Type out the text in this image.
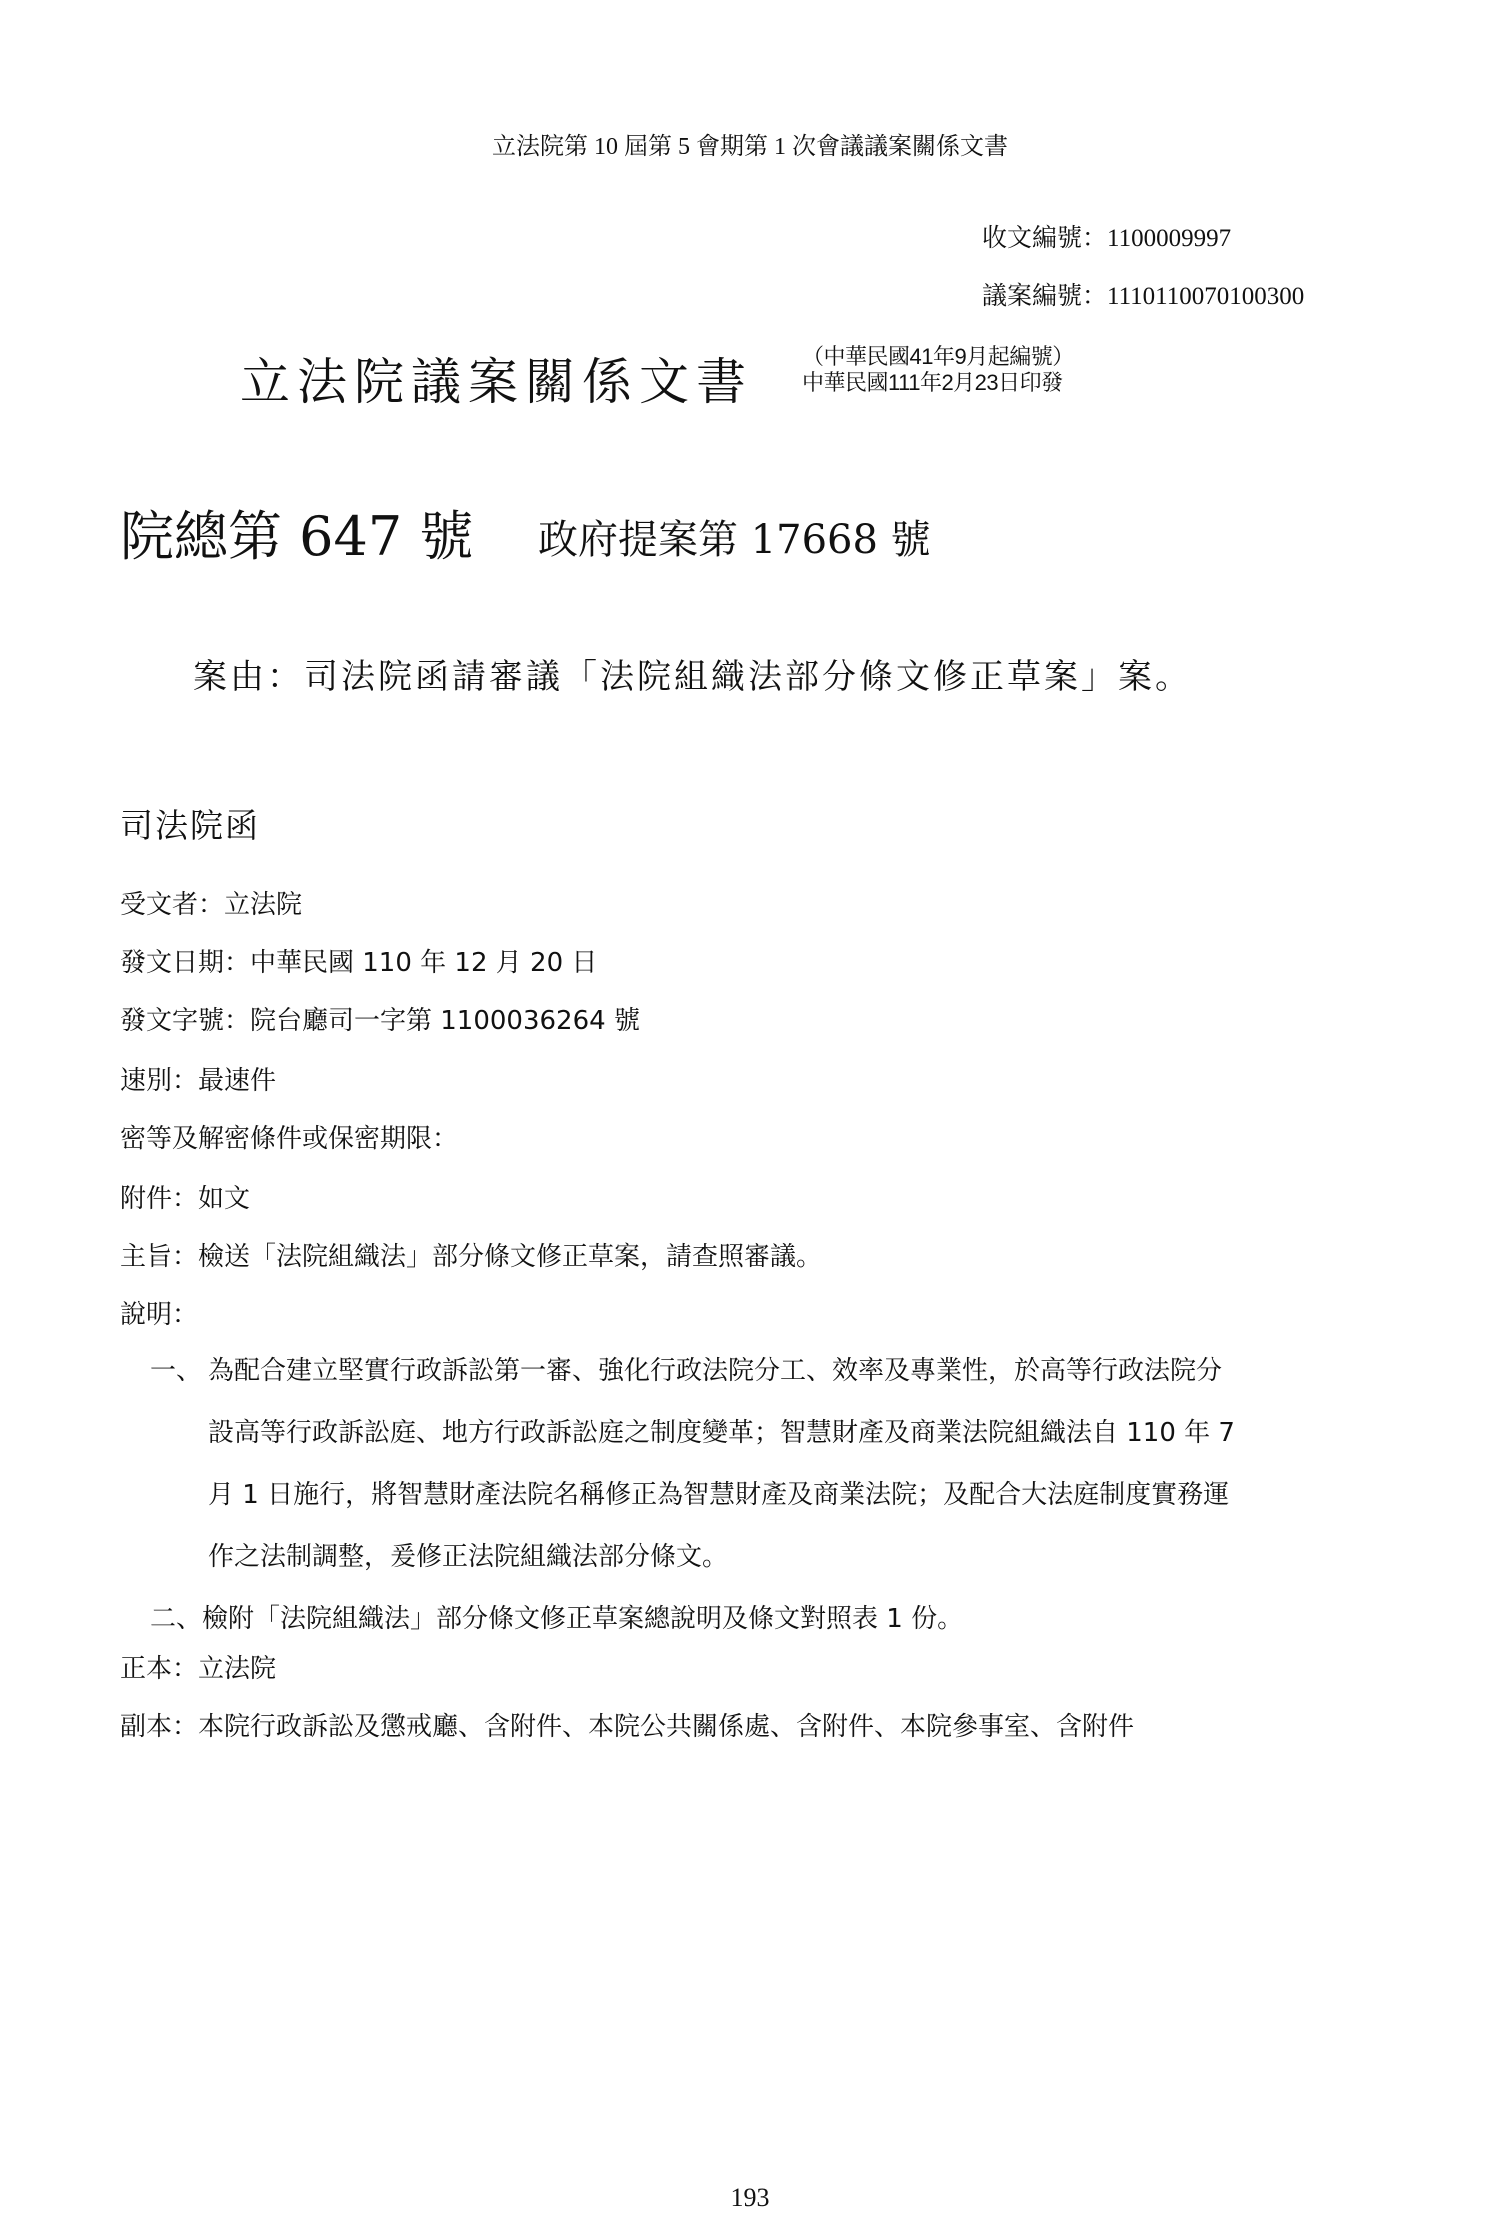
立法院第 10 屆第 5 會期第 1 次會議議案關係文書
收文編號：1100009997
議案編號：1110110070100300
立法院議案關係文書 （中華民國41年9月起編號）
中華民國111年2月23日印發
院總第 647 號 政府提案第 17668 號
案由：司法院函請審議「法院組織法部分條文修正草案」案。
司法院函
受文者：立法院
發文日期：中華民國 110 年 12 月 20 日
發文字號：院台廳司一字第 1100036264 號
速別：最速件
密等及解密條件或保密期限：
附件：如文
主旨：檢送「法院組織法」部分條文修正草案，請查照審議。
說明：
一、 為配合建立堅實行政訴訟第一審、強化行政法院分工、效率及專業性，於高等行政法院分
設高等行政訴訟庭、地方行政訴訟庭之制度變革；智慧財產及商業法院組織法自 110 年 7
月 1 日施行，將智慧財產法院名稱修正為智慧財產及商業法院；及配合大法庭制度實務運
作之法制調整，爰修正法院組織法部分條文。
二、檢附「法院組織法」部分條文修正草案總說明及條文對照表 1 份。
正本：立法院
副本：本院行政訴訟及懲戒廳、含附件、本院公共關係處、含附件、本院參事室、含附件
193
